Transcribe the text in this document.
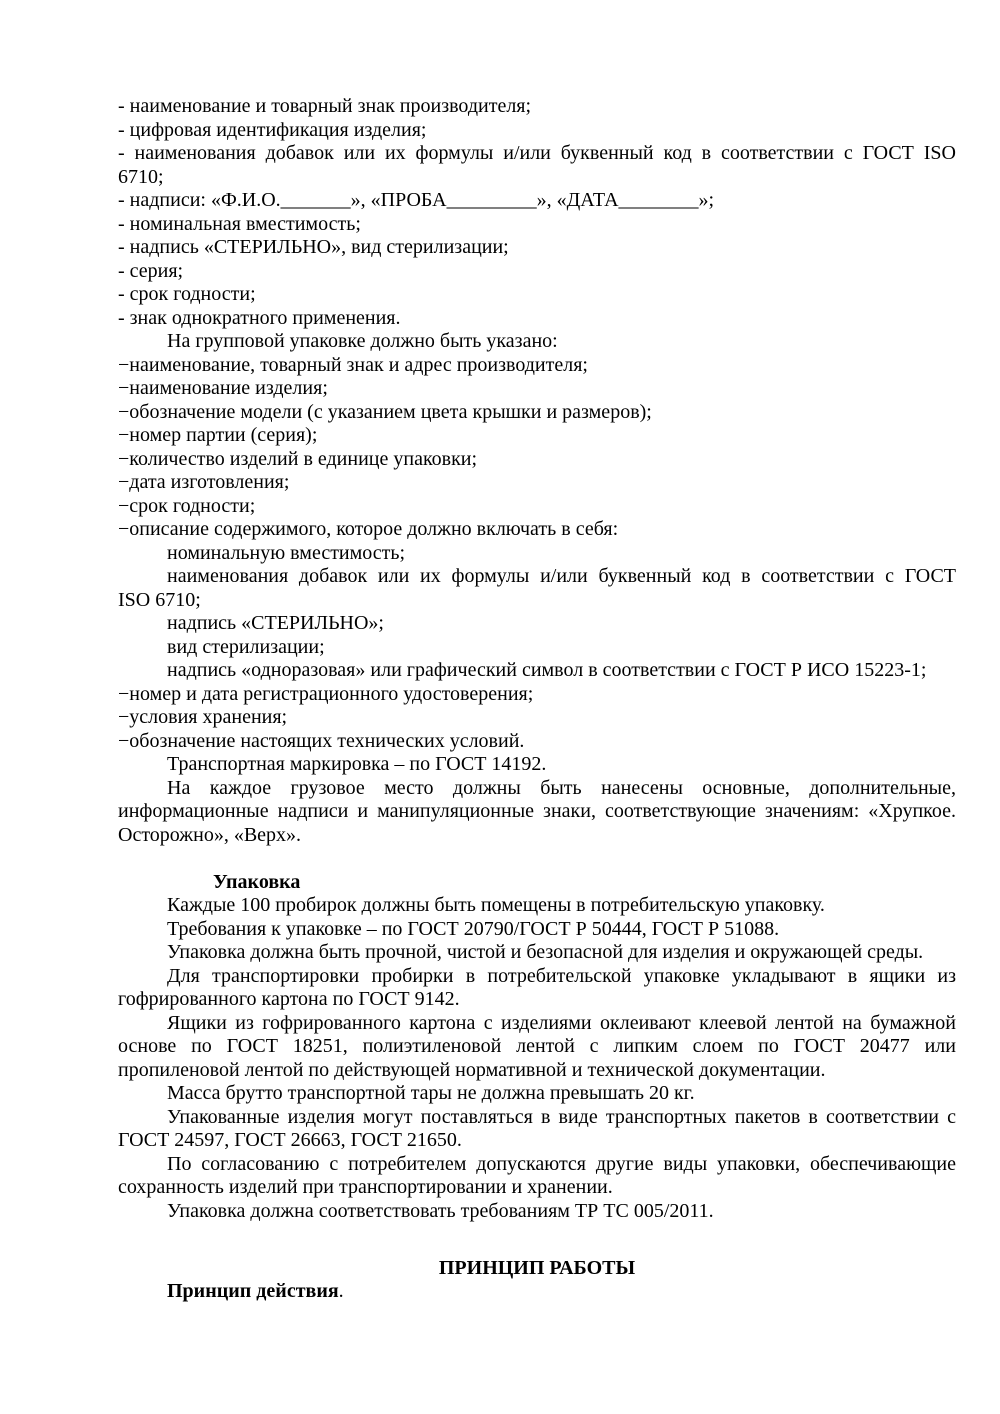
- наименование и товарный знак производителя;
- цифровая идентификация изделия;
- наименования добавок или их формулы и/или буквенный код в соответствии с ГОСТ ISO
6710;
- надписи: «Ф.И.О._______», «ПРОБА_________», «ДАТА________»;
- номинальная вместимость;
- надпись «СТЕРИЛЬНО», вид стерилизации;
- серия;
- срок годности;
- знак однократного применения.
На групповой упаковке должно быть указано:
−наименование, товарный знак и адрес производителя;
−наименование изделия;
−обозначение модели (с указанием цвета крышки и размеров);
−номер партии (серия);
−количество изделий в единице упаковки;
−дата изготовления;
−срок годности;
−описание содержимого, которое должно включать в себя:
номинальную вместимость;
наименования добавок или их формулы и/или буквенный код в соответствии с ГОСТ
ISO 6710;
надпись «СТЕРИЛЬНО»;
вид стерилизации;
надпись «одноразовая» или графический символ в соответствии с ГОСТ Р ИСО 15223-1;
−номер и дата регистрационного удостоверения;
−условия хранения;
−обозначение настоящих технических условий.
Транспортная маркировка – по ГОСТ 14192.
На каждое грузовое место должны быть нанесены основные, дополнительные,
информационные надписи и манипуляционные знаки, соответствующие значениям: «Хрупкое.
Осторожно», «Верх».
Упаковка
Каждые 100 пробирок должны быть помещены в потребительскую упаковку.
Требования к упаковке – по ГОСТ 20790/ГОСТ Р 50444, ГОСТ Р 51088.
Упаковка должна быть прочной, чистой и безопасной для изделия и окружающей среды.
Для транспортировки пробирки в потребительской упаковке укладывают в ящики из
гофрированного картона по ГОСТ 9142.
Ящики из гофрированного картона с изделиями оклеивают клеевой лентой на бумажной
основе по ГОСТ 18251, полиэтиленовой лентой с липким слоем по ГОСТ 20477 или
пропиленовой лентой по действующей нормативной и технической документации.
Масса брутто транспортной тары не должна превышать 20 кг.
Упакованные изделия могут поставляться в виде транспортных пакетов в соответствии с
ГОСТ 24597, ГОСТ 26663, ГОСТ 21650.
По согласованию с потребителем допускаются другие виды упаковки, обеспечивающие
сохранность изделий при транспортировании и хранении.
Упаковка должна соответствовать требованиям ТР ТС 005/2011.
ПРИНЦИП РАБОТЫ
Принцип действия.
